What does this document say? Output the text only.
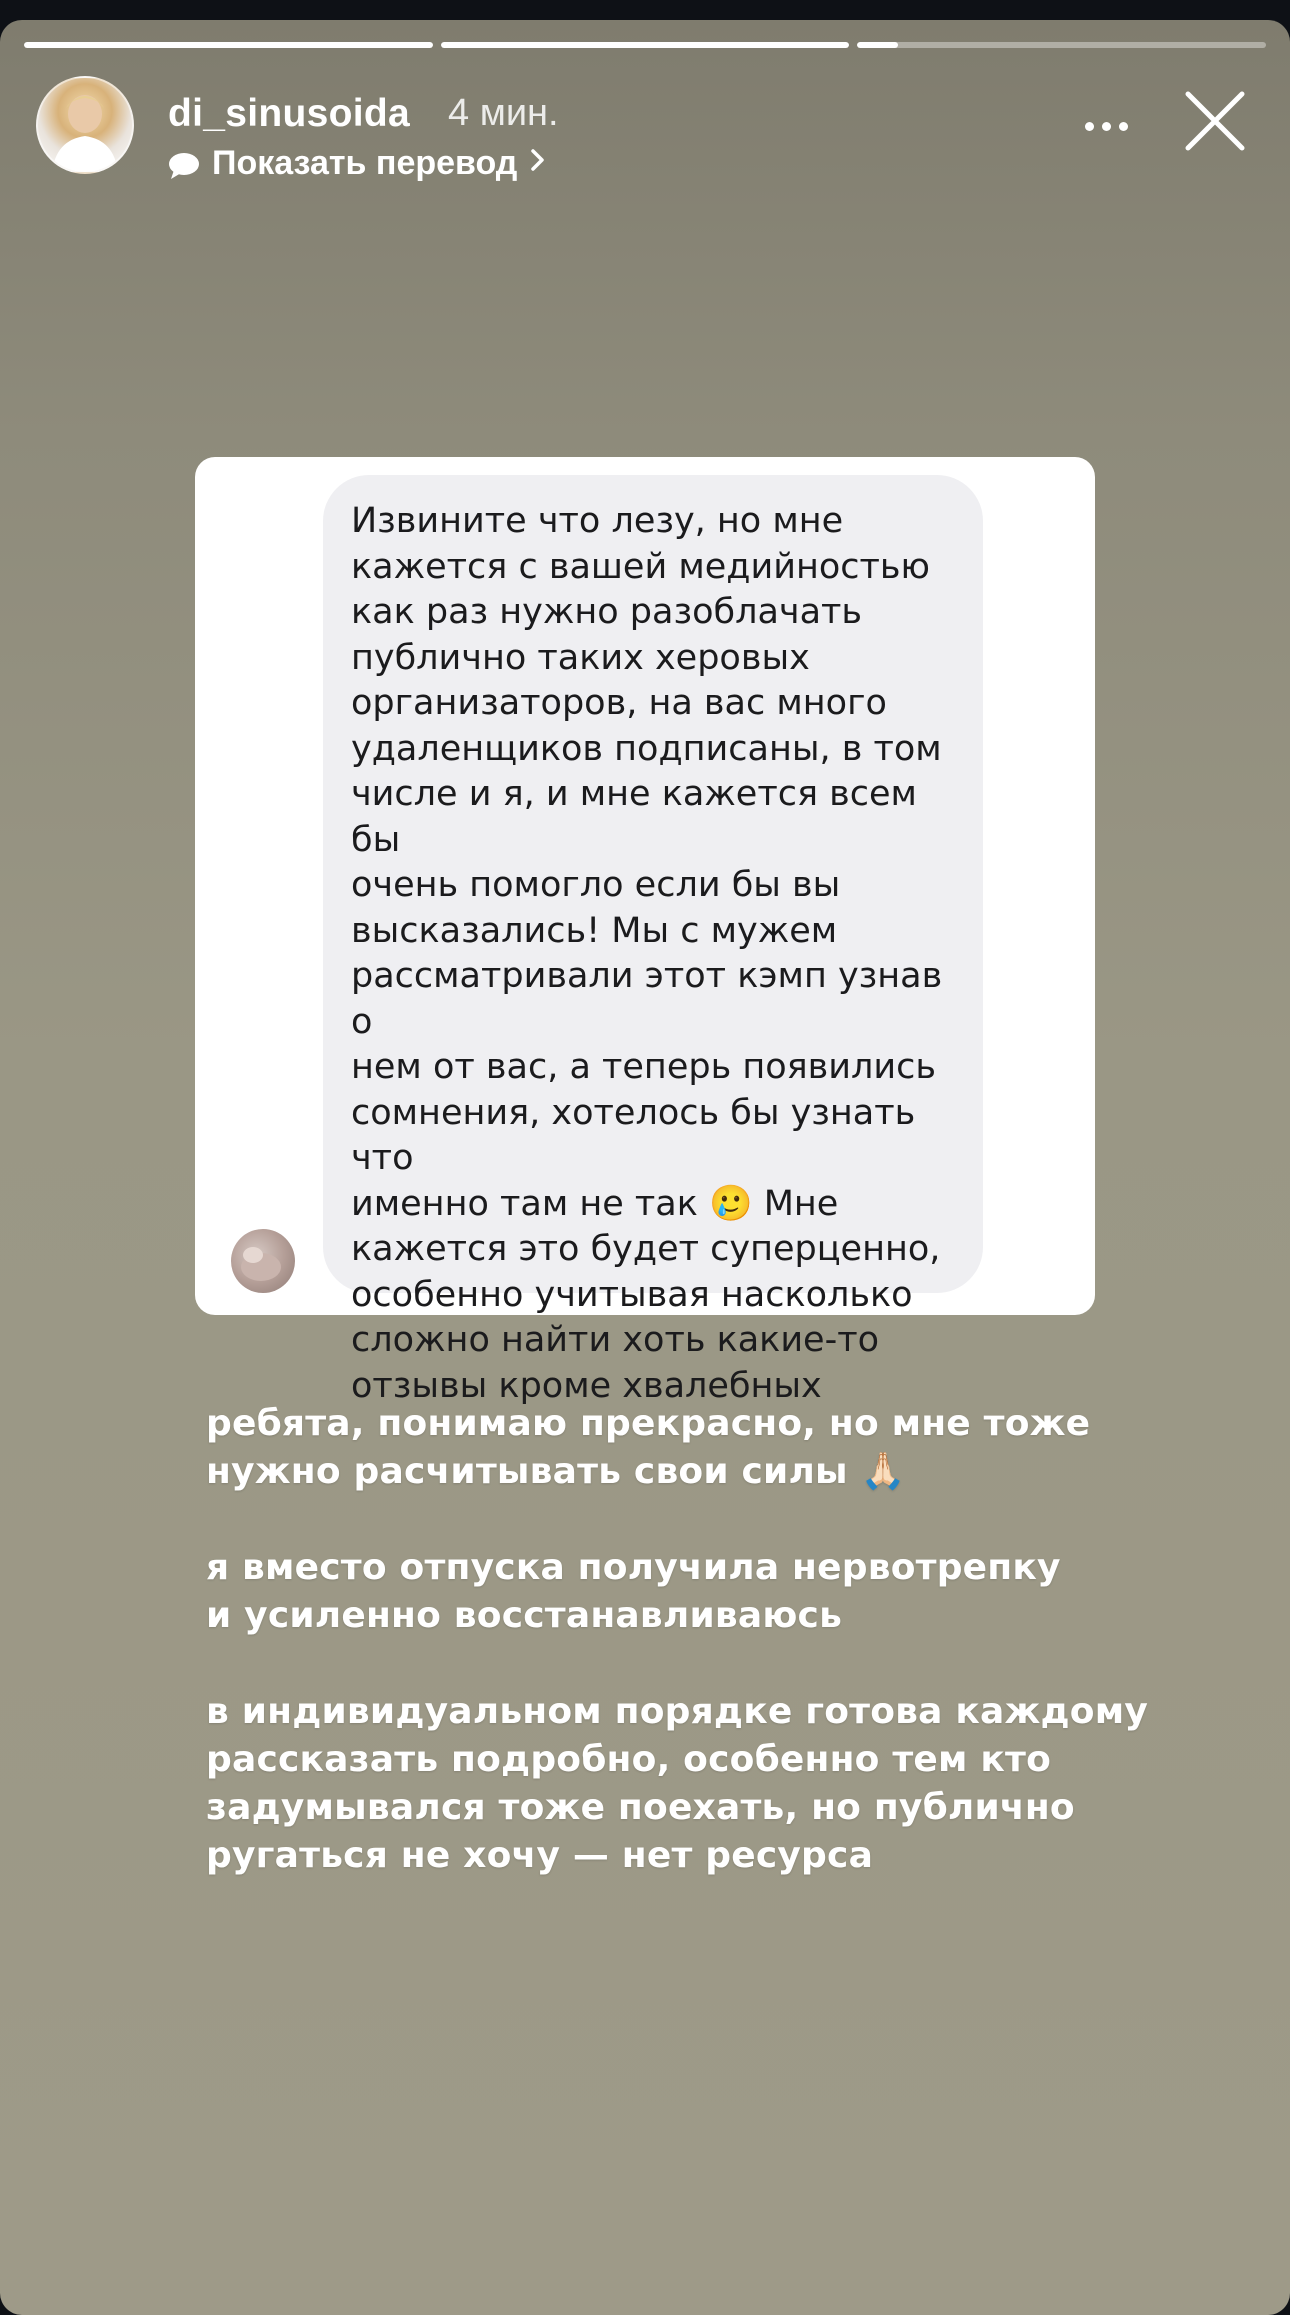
di_sinusoida 4 мин.
Показать перевод
Извините что лезу, но мне
кажется с вашей медийностью
как раз нужно разоблачать
публично таких херовых
организаторов, на вас много
удаленщиков подписаны, в том
числе и я, и мне кажется всем бы
очень помогло если бы вы
высказались! Мы с мужем
рассматривали этот кэмп узнав о
нем от вас, а теперь появились
сомнения, хотелось бы узнать что
именно там не так 🥲 Мне
кажется это будет суперценно,
особенно учитывая насколько
сложно найти хоть какие-то
отзывы кроме хвалебных
ребята, понимаю прекрасно, но мне тоже
нужно расчитывать свои силы 🙏🏻

я вместо отпуска получила нервотрепку
и усиленно восстанавливаюсь

в индивидуальном порядке готова каждому
рассказать подробно, особенно тем кто
задумывался тоже поехать, но публично
ругаться не хочу — нет ресурса
